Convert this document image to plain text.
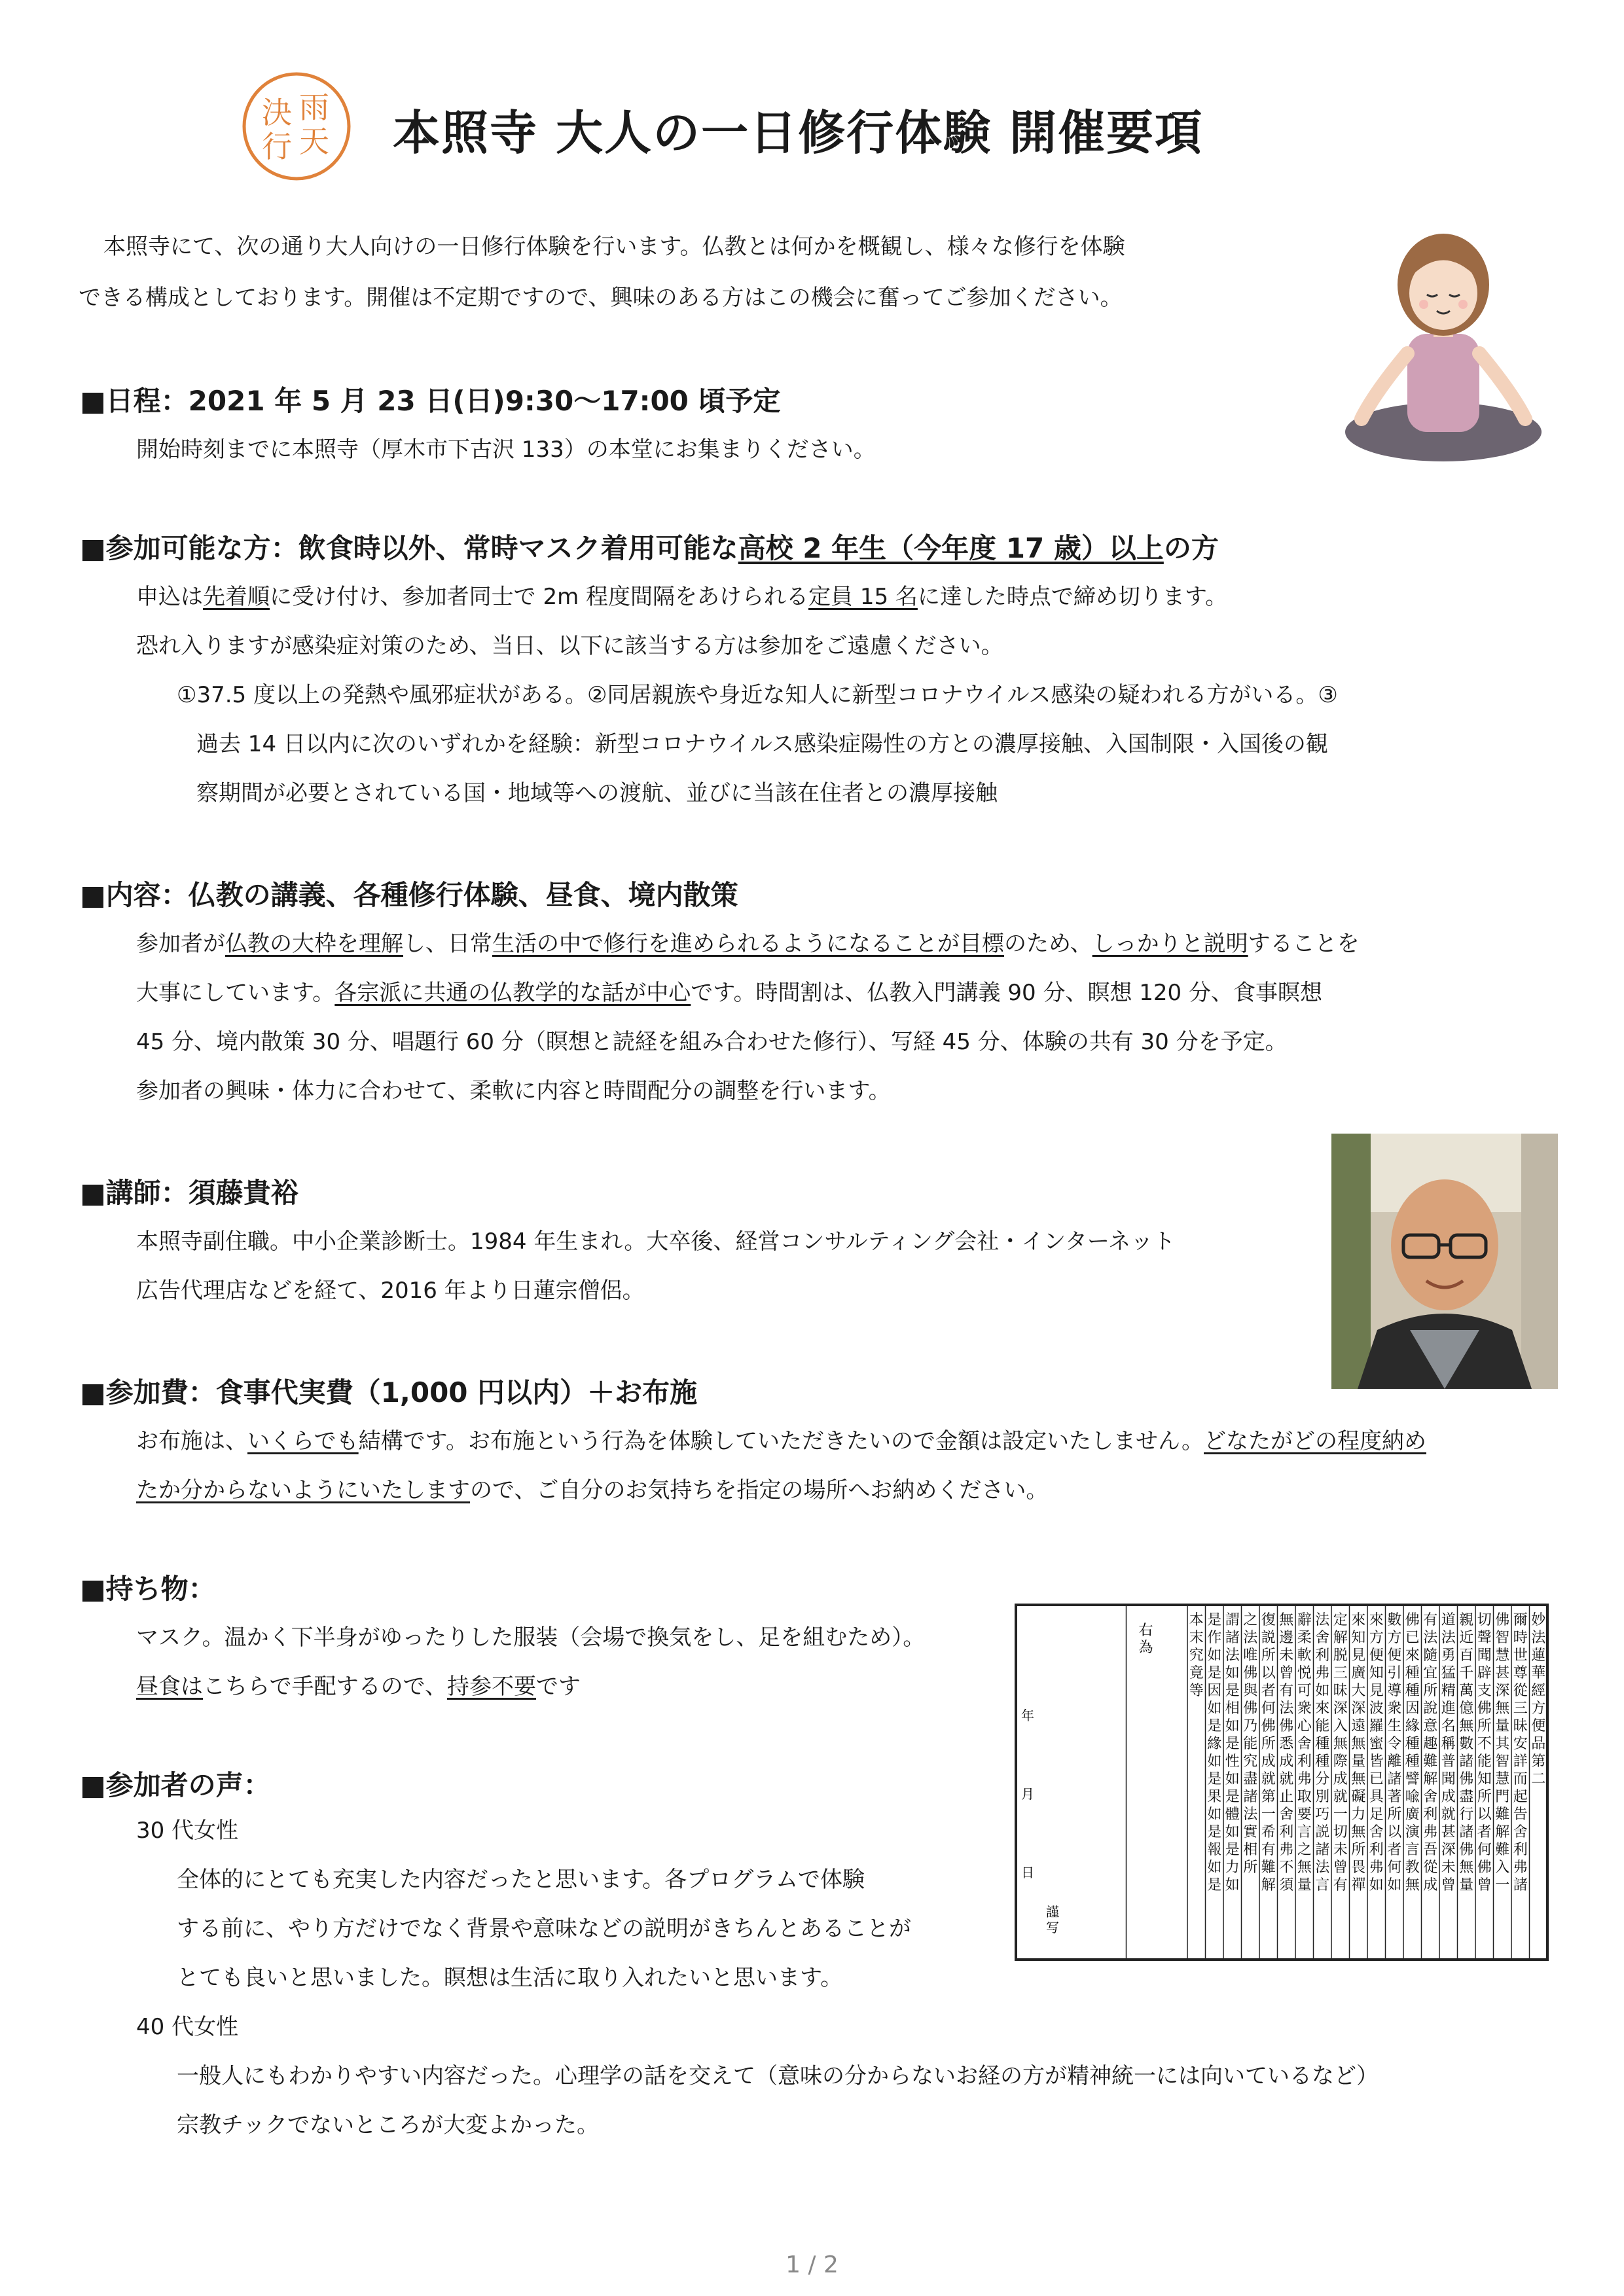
決 雨
行 天 本照寺 大人の一日修行体験 開催要項
本照寺にて、次の通り大人向けの一日修行体験を行います。仏教とは何かを概観し、様々な修行を体験
できる構成としております。開催は不定期ですので、興味のある方はこの機会に奮ってご参加ください。
■日程：2021 年 5 月 23 日(日)9:30～17:00 頃予定
開始時刻までに本照寺（厚木市下古沢 133）の本堂にお集まりください。
■参加可能な方：飲食時以外、常時マスク着用可能な高校 2 年生（今年度 17 歳）以上の方
申込は先着順に受け付け、参加者同士で 2m 程度間隔をあけられる定員 15 名に達した時点で締め切ります。
恐れ入りますが感染症対策のため、当日、以下に該当する方は参加をご遠慮ください。
①37.5 度以上の発熱や風邪症状がある。②同居親族や身近な知人に新型コロナウイルス感染の疑われる方がいる。③
過去 14 日以内に次のいずれかを経験：新型コロナウイルス感染症陽性の方との濃厚接触、入国制限・入国後の観
察期間が必要とされている国・地域等への渡航、並びに当該在住者との濃厚接触
■内容：仏教の講義、各種修行体験、昼食、境内散策
参加者が仏教の大枠を理解し、日常生活の中で修行を進められるようになることが目標のため、しっかりと説明することを
大事にしています。各宗派に共通の仏教学的な話が中心です。時間割は、仏教入門講義 90 分、瞑想 120 分、食事瞑想
45 分、境内散策 30 分、唱題行 60 分（瞑想と読経を組み合わせた修行）、写経 45 分、体験の共有 30 分を予定。
参加者の興味・体力に合わせて、柔軟に内容と時間配分の調整を行います。
■講師：須藤貴裕
本照寺副住職。中小企業診断士。1984 年生まれ。大卒後、経営コンサルティング会社・インターネット
広告代理店などを経て、2016 年より日蓮宗僧侶。
■参加費：食事代実費（1,000 円以内）＋お布施
お布施は、いくらでも結構です。お布施という行為を体験していただきたいので金額は設定いたしません。どなたがどの程度納め
たか分からないようにいたしますので、ご自分のお気持ちを指定の場所へお納めください。
■持ち物：
マスク。温かく下半身がゆったりした服装（会場で換気をし、足を組むため）。
昼食はこちらで手配するので、持参不要です
■参加者の声：
30 代女性
全体的にとても充実した内容だったと思います。各プログラムで体験
する前に、やり方だけでなく背景や意味などの説明がきちんとあることが
とても良いと思いました。瞑想は生活に取り入れたいと思います。
40 代女性
一般人にもわかりやすい内容だった。心理学の話を交えて（意味の分からないお経の方が精神統一には向いているなど）
宗教チックでないところが大変よかった。
妙法蓮華經方便品第二
爾時世尊從三昧安詳而起告舍利弗諸
佛智慧甚深無量其智慧門難解難入一
切聲聞辟支佛所不能知所以者何佛曾
親近百千萬億無數諸佛盡行諸佛無量
道法勇猛精進名稱普聞成就甚深未曾
有法隨宜所說意趣難解舍利弗吾從成
佛已來種種因緣種種譬喩廣演言教無
數方便引導衆生令離諸著所以者何如
來方便知見波羅蜜皆已具足舍利弗如
來知見廣大深遠無量無礙力無所畏禪
定解脱三昧深入無際成就一切未曾有
法舍利弗如來能種種分別巧説諸法言
辭柔軟悦可衆心舍利弗取要言之無量
無邊未曾有法佛悉成就止舍利弗不須
復説所以者何佛所成就第一希有難解
之法唯佛與佛乃能究盡諸法實相所
謂諸法如是相如是性如是體如是力如
是作如是因如是緣如是果如是報如是
本末究竟等
右為
年
月
日
謹写
1 / 2
